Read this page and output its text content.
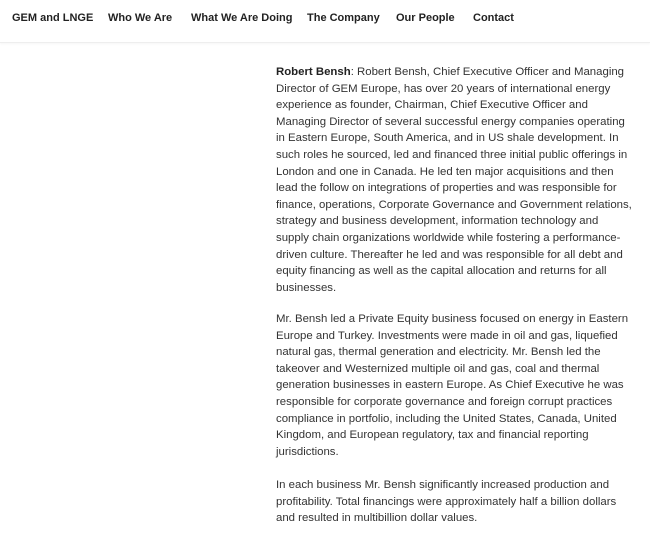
Robert Bensh: Robert Bensh, Chief Executive Officer and Managing
Director of GEM Europe, has over 20 years of international energy
experience as founder, Chairman, Chief Executive Officer and
Managing Director of several successful energy companies operating
in Eastern Europe, South America, and in US shale development. In
such roles he sourced, led and financed three initial public offerings in
London and one in Canada. He led ten major acquisitions and then
lead the follow on integrations of properties and was responsible for
finance, operations, Corporate Governance and Government relations,
strategy and business development, information technology and
supply chain organizations worldwide while fostering a performance-
driven culture. Thereafter he led and was responsible for all debt and
equity financing as well as the capital allocation and returns for all
businesses.

Mr. Bensh led a Private Equity business focused on energy in Eastern
Europe and Turkey. Investments were made in oil and gas, liquefied
natural gas, thermal generation and electricity. Mr. Bensh led the
takeover and Westernized multiple oil and gas, coal and thermal
generation businesses in eastern Europe. As Chief Executive he was
responsible for corporate governance and foreign corrupt practices
compliance in portfolio, including the United States, Canada, United
Kingdom, and European regulatory, tax and financial reporting
jurisdictions.

In each business Mr. Bensh significantly increased production and
profitability. Total financings were approximately half a billion dollars
and resulted in multibillion dollar values.

GEM and LNGE Who We Are What We Are Doing The Company Our People Contact
